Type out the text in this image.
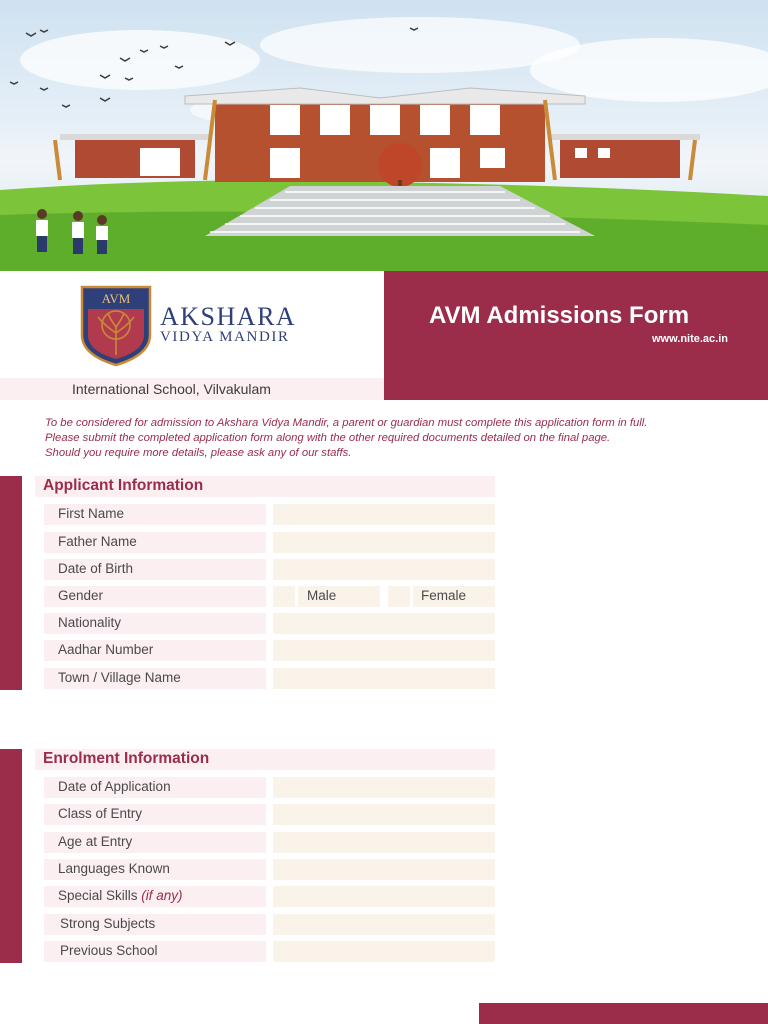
AVM
AKSHARA
VIDYA MANDIR
International School, Vilvakulam
AVM Admissions Form
www.nite.ac.in
To be considered for admission to Akshara Vidya Mandir, a parent or guardian must complete this application form in full.
Please submit the completed application form along with the other required documents detailed on the final page.
Should you require more details, please ask any of our staffs.
Applicant Information
First Name
Father Name
Date of Birth
Gender	Male	Female
Nationality
Aadhar Number
Town / Village Name
Enrolment Information
Date of Application
Class of Entry
Age at Entry
Languages Known
Special Skills (if any)
Strong Subjects
Previous School
